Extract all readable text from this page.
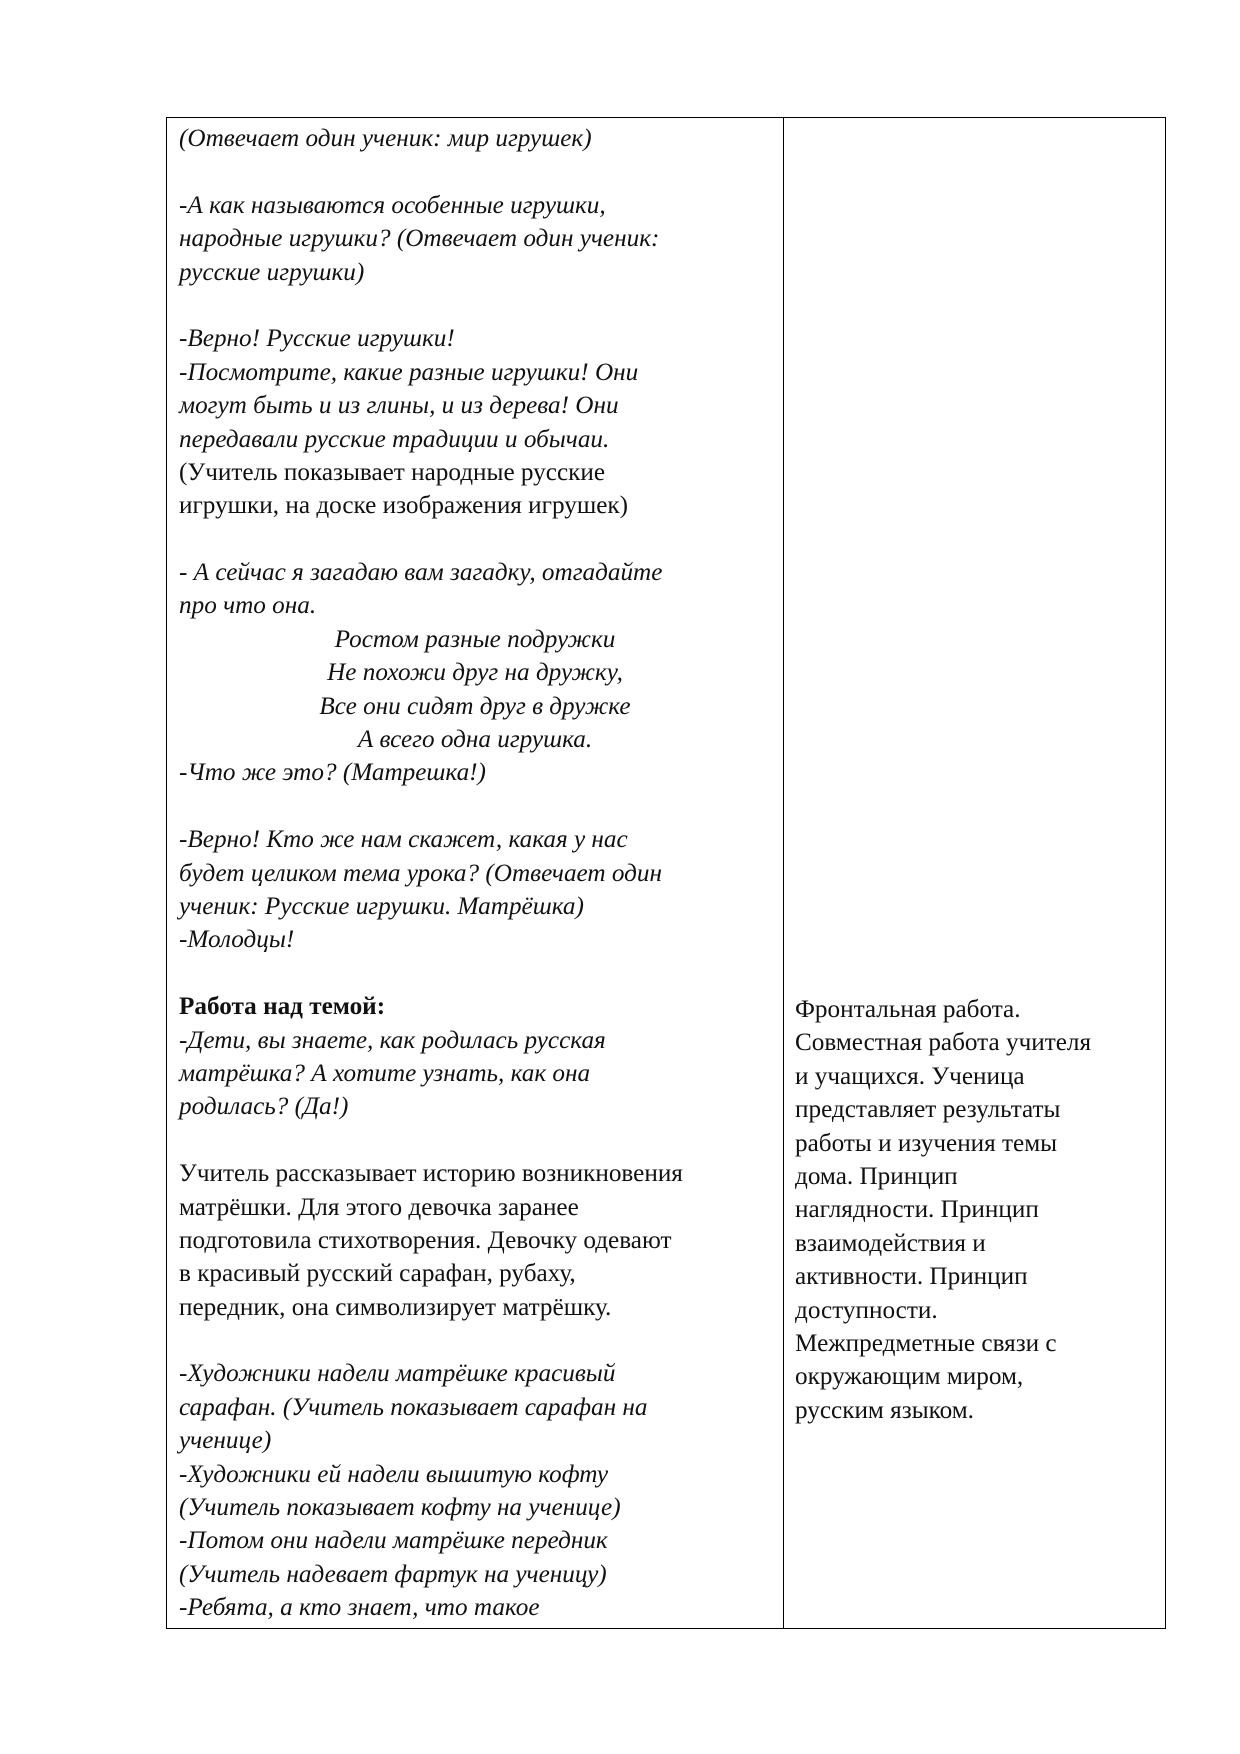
(Отвечает один ученик: мир игрушек)
-А как называются особенные игрушки,
народные игрушки? (Отвечает один ученик:
русские игрушки)
-Верно! Русские игрушки!
-Посмотрите, какие разные игрушки! Они
могут быть и из глины, и из дерева! Они
передавали русские традиции и обычаи.
(Учитель показывает народные русские
игрушки, на доске изображения игрушек)
- А сейчас я загадаю вам загадку, отгадайте
про что она.
Ростом разные подружки
Не похожи друг на дружку,
Все они сидят друг в дружке
А всего одна игрушка.
-Что же это? (Матрешка!)
-Верно! Кто же нам скажет, какая у нас
будет целиком тема урока? (Отвечает один
ученик: Русские игрушки. Матрёшка)
-Молодцы!
Работа над темой:
-Дети, вы знаете, как родилась русская
матрёшка? А хотите узнать, как она
родилась? (Да!)
Учитель рассказывает историю возникновения
матрёшки. Для этого девочка заранее
подготовила стихотворения. Девочку одевают
в красивый русский сарафан, рубаху,
передник, она символизирует матрёшку.
-Художники надели матрёшке красивый
сарафан. (Учитель показывает сарафан на
ученице)
-Художники ей надели вышитую кофту
(Учитель показывает кофту на ученице)
-Потом они надели матрёшке передник
(Учитель надевает фартук на ученицу)
-Ребята, а кто знает, что такое
Фронтальная работа.
Совместная работа учителя
и учащихся. Ученица
представляет результаты
работы и изучения темы
дома. Принцип
наглядности. Принцип
взаимодействия и
активности. Принцип
доступности.
Межпредметные связи с
окружающим миром,
русским языком.
